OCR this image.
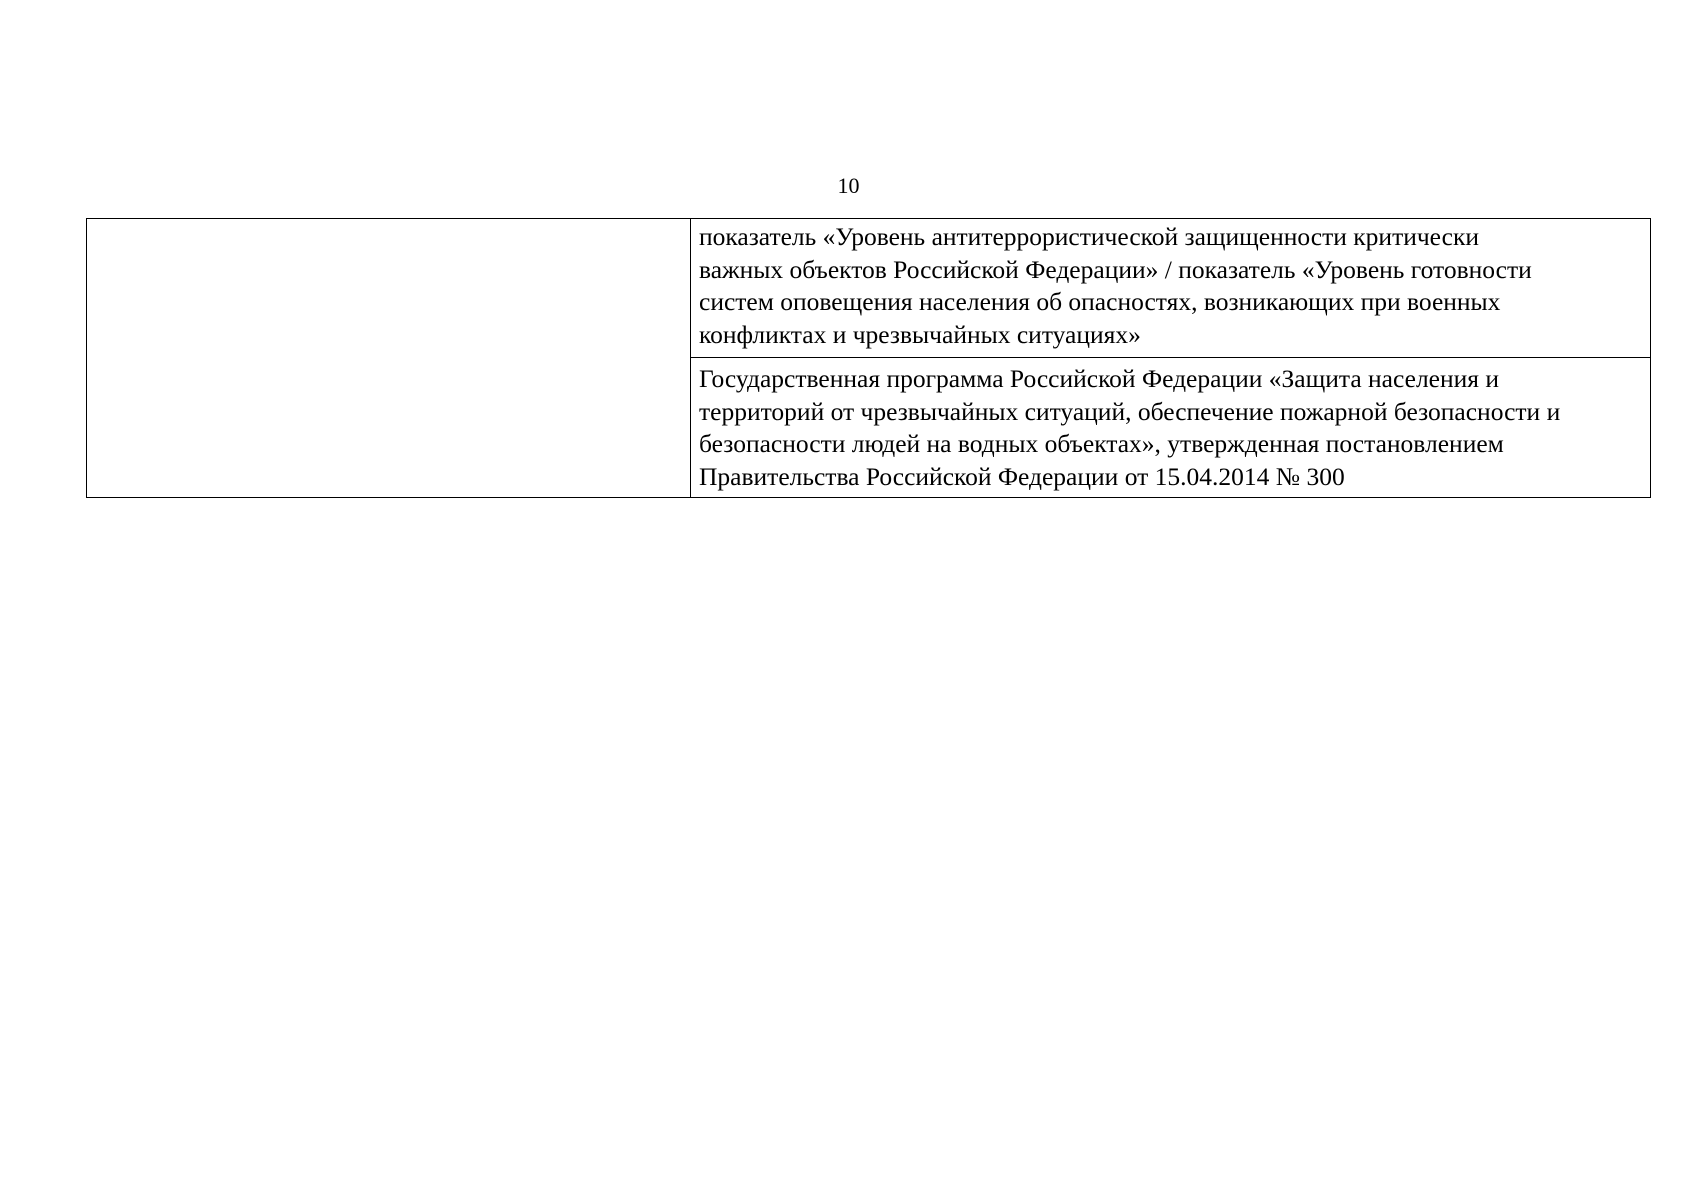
10

показатель «Уровень антитеррористической защищенности критически
важных объектов Российской Федерации» / показатель «Уровень готовности
систем оповещения населения об опасностях, возникающих при военных
конфликтах и чрезвычайных ситуациях»

Государственная программа Российской Федерации «Защита населения и
территорий от чрезвычайных ситуаций, обеспечение пожарной безопасности и
безопасности людей на водных объектах», утвержденная постановлением
Правительства Российской Федерации от 15.04.2014 № 300
